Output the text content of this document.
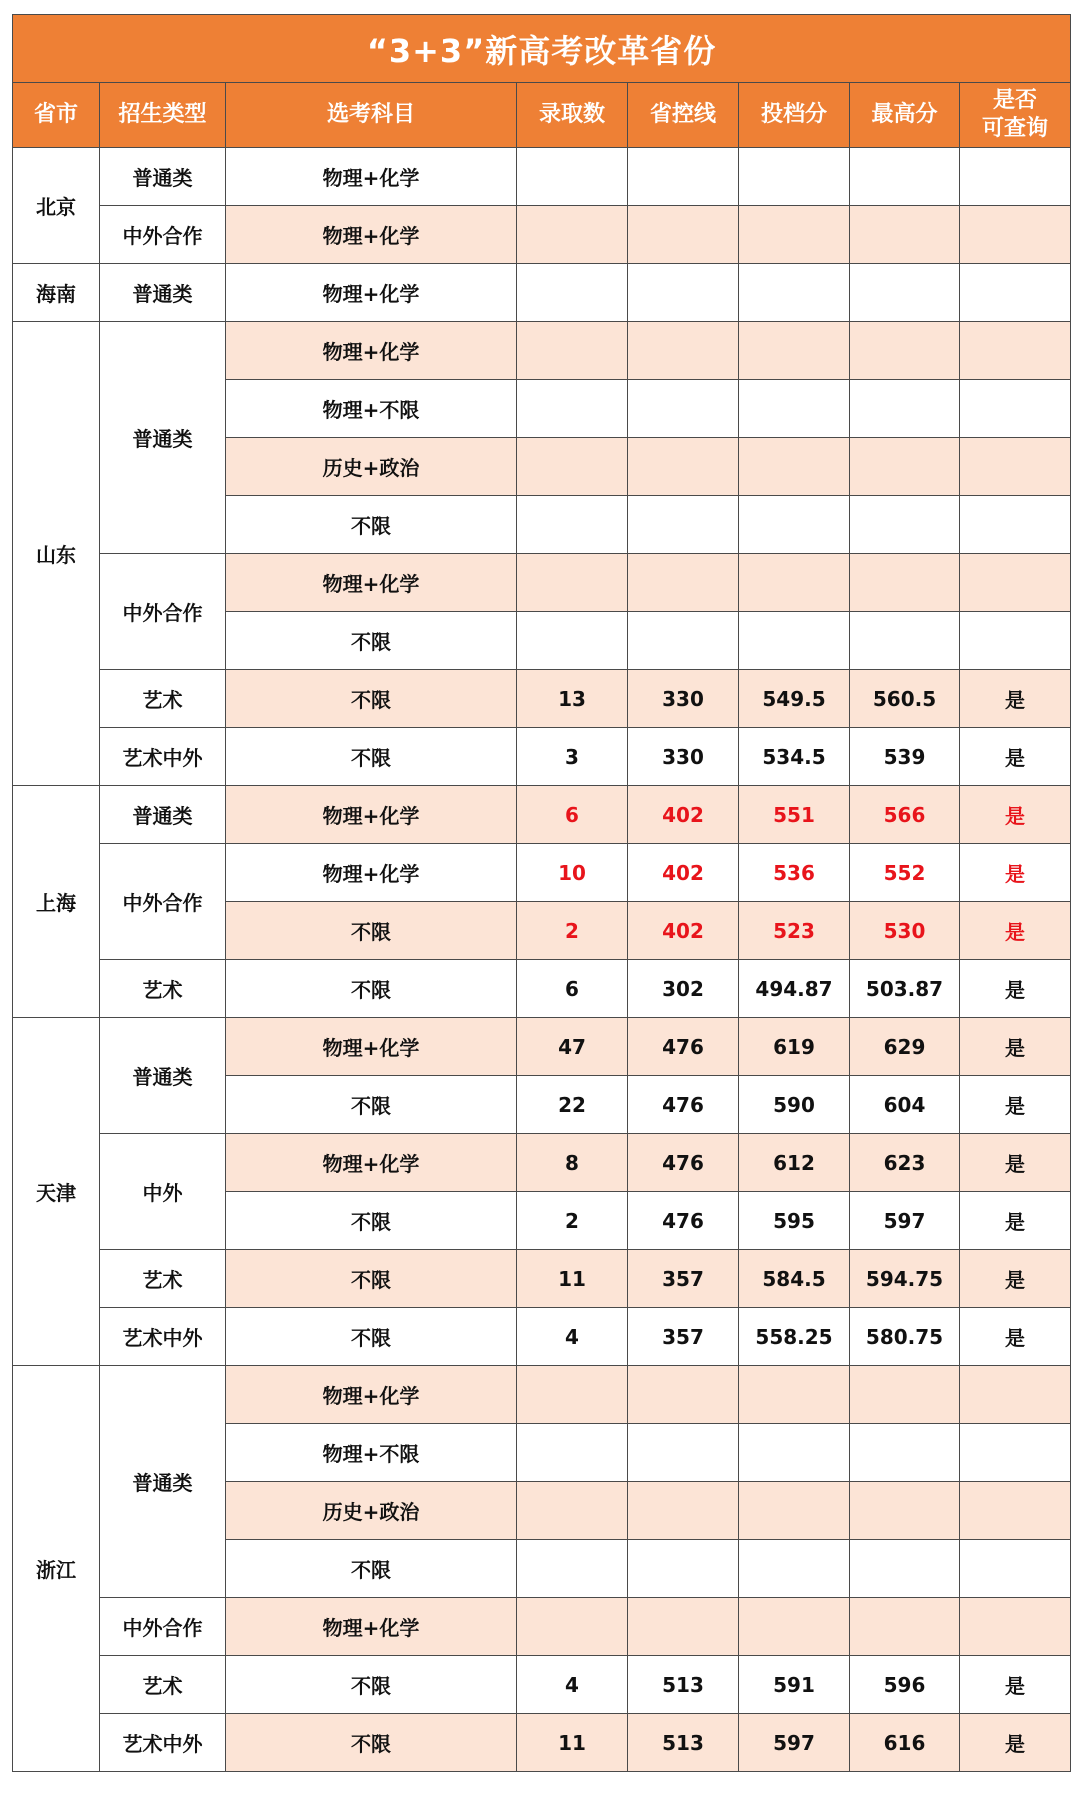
“3+3”新高考改革省份							
省市	招生类型	选考科目	录取数	省控线	投档分	最高分	是否
可查询
北京	普通类	物理+化学					
	中外合作	物理+化学					
海南	普通类	物理+化学					
山东	普通类	物理+化学					
		物理+不限					
		历史+政治					
		不限					
	中外合作	物理+化学					
		不限					
	艺术	不限	13	330	549.5	560.5	是
	艺术中外	不限	3	330	534.5	539	是
上海	普通类	物理+化学	6	402	551	566	是
	中外合作	物理+化学	10	402	536	552	是
		不限	2	402	523	530	是
	艺术	不限	6	302	494.87	503.87	是
天津	普通类	物理+化学	47	476	619	629	是
		不限	22	476	590	604	是
	中外	物理+化学	8	476	612	623	是
		不限	2	476	595	597	是
	艺术	不限	11	357	584.5	594.75	是
	艺术中外	不限	4	357	558.25	580.75	是
浙江	普通类	物理+化学					
		物理+不限					
		历史+政治					
		不限					
	中外合作	物理+化学					
	艺术	不限	4	513	591	596	是
	艺术中外	不限	11	513	597	616	是
